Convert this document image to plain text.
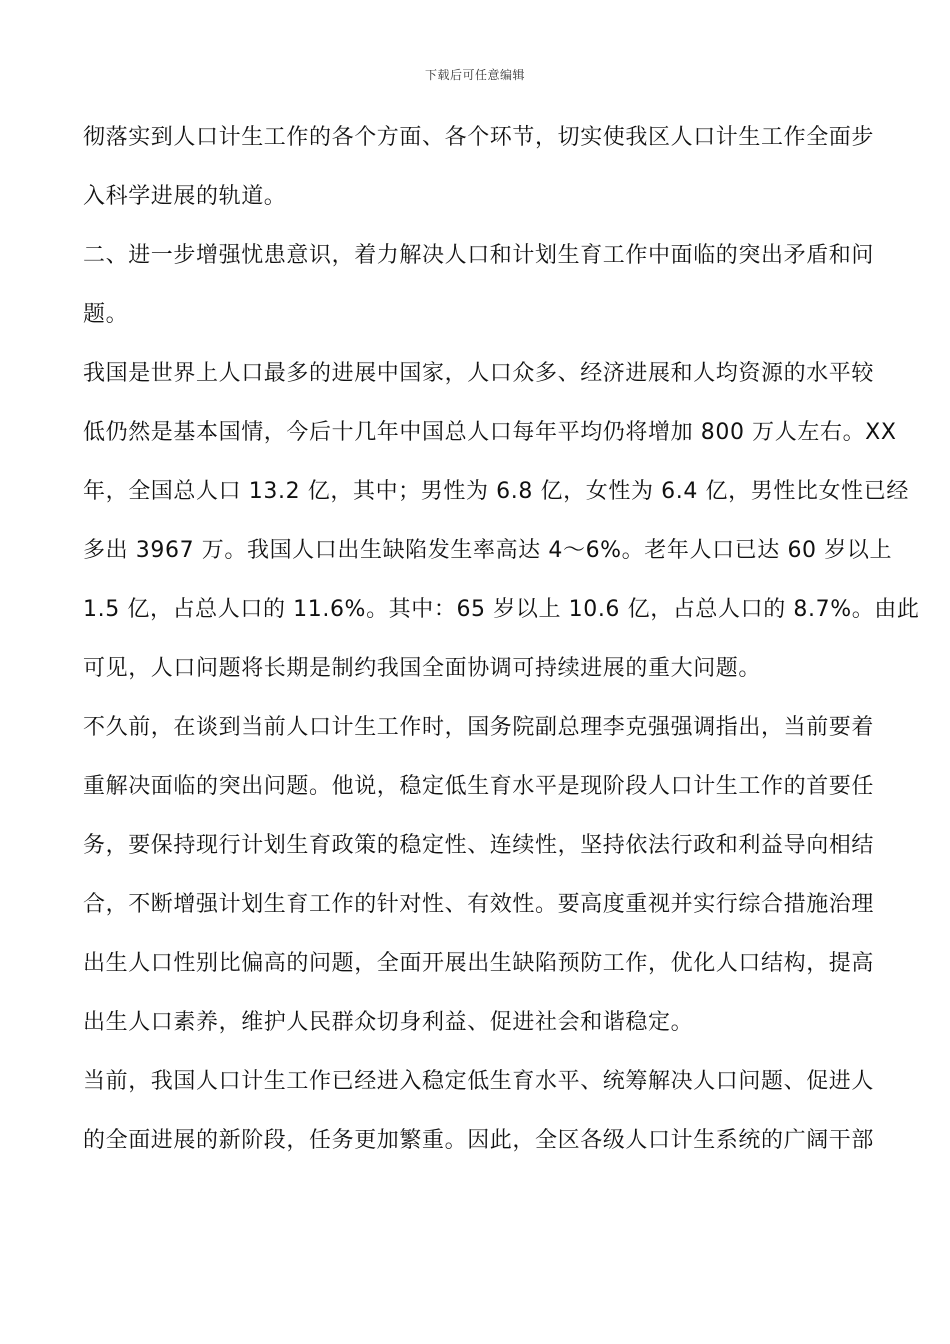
下载后可任意编辑
彻落实到人口计生工作的各个方面、各个环节，切实使我区人口计生工作全面步
入科学进展的轨道。
二、进一步增强忧患意识，着力解决人口和计划生育工作中面临的突出矛盾和问
题。
我国是世界上人口最多的进展中国家，人口众多、经济进展和人均资源的水平较
低仍然是基本国情，今后十几年中国总人口每年平均仍将增加 800 万人左右。XX
年，全国总人口 13.2 亿，其中；男性为 6.8 亿，女性为 6.4 亿，男性比女性已经
多出 3967 万。我国人口出生缺陷发生率高达 4～6%。老年人口已达 60 岁以上
1.5 亿，占总人口的 11.6%。其中：65 岁以上 10.6 亿，占总人口的 8.7%。由此
可见，人口问题将长期是制约我国全面协调可持续进展的重大问题。
不久前，在谈到当前人口计生工作时，国务院副总理李克强强调指出，当前要着
重解决面临的突出问题。他说，稳定低生育水平是现阶段人口计生工作的首要任
务，要保持现行计划生育政策的稳定性、连续性，坚持依法行政和利益导向相结
合，不断增强计划生育工作的针对性、有效性。要高度重视并实行综合措施治理
出生人口性别比偏高的问题，全面开展出生缺陷预防工作，优化人口结构，提高
出生人口素养，维护人民群众切身利益、促进社会和谐稳定。
当前，我国人口计生工作已经进入稳定低生育水平、统筹解决人口问题、促进人
的全面进展的新阶段，任务更加繁重。因此，全区各级人口计生系统的广阔干部
